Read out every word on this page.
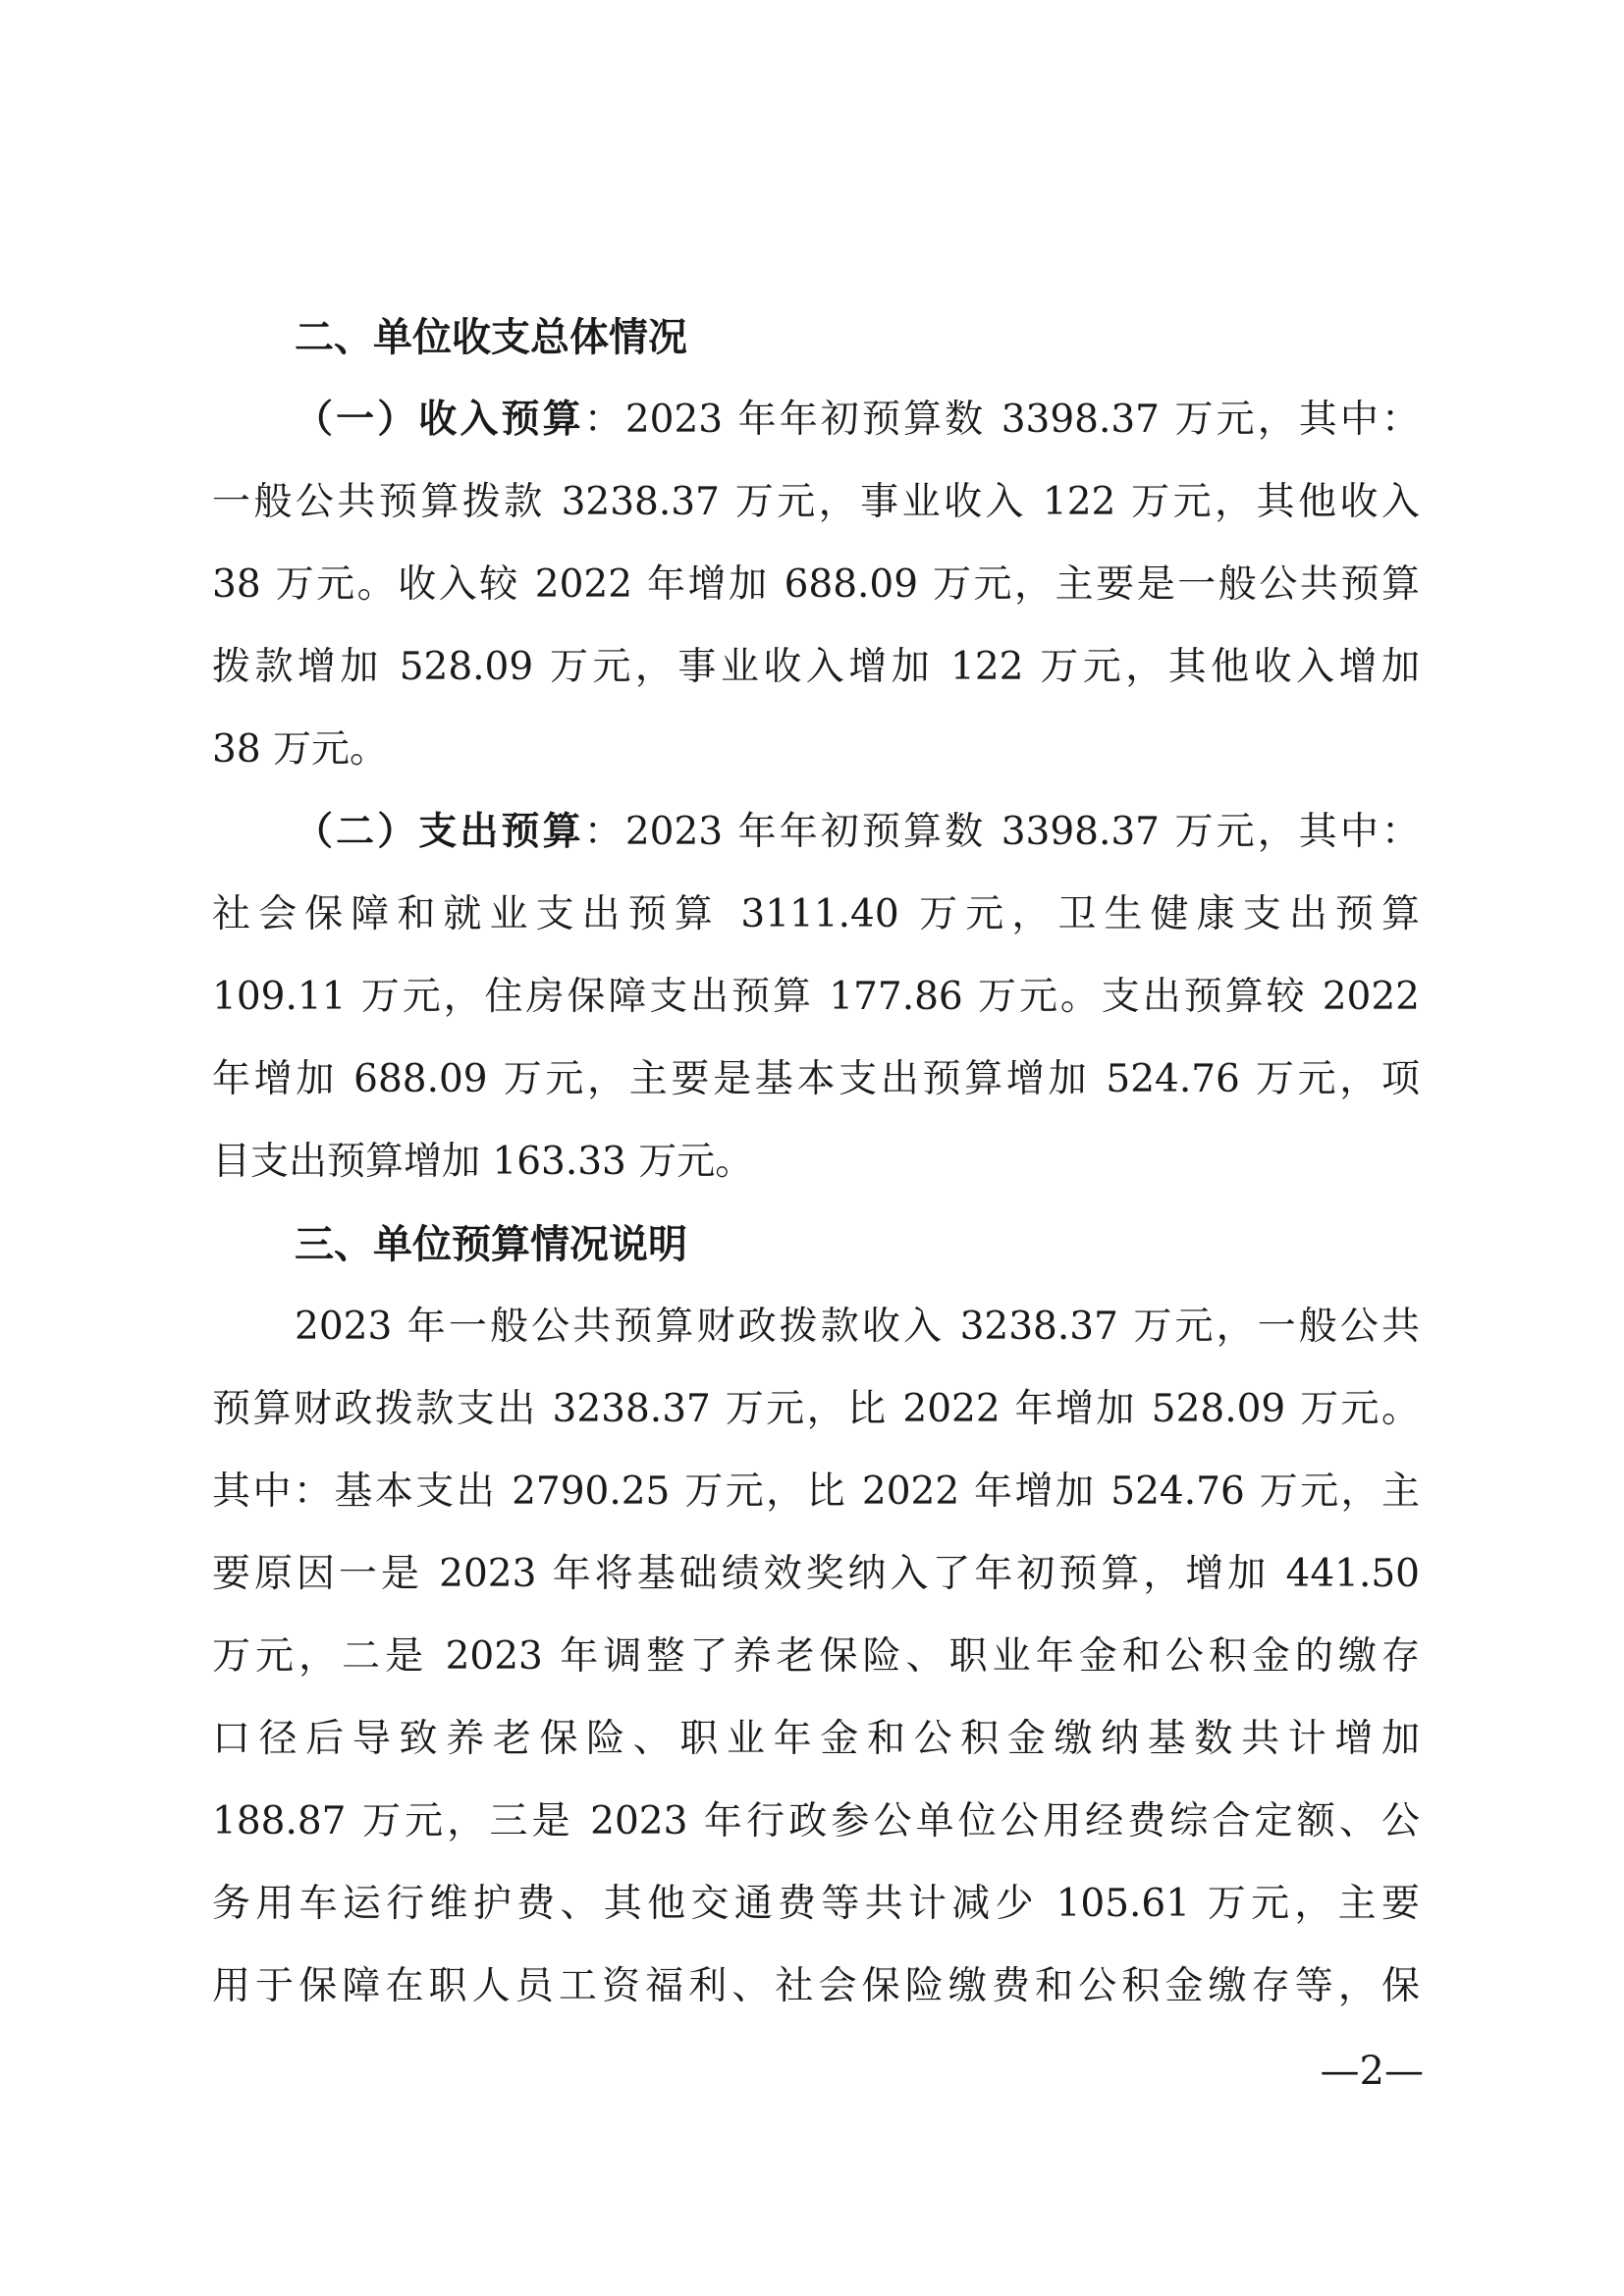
二、单位收支总体情况
（一）收入预算：2023 年年初预算数 3398.37 万元，其中：
一般公共预算拨款 3238.37 万元，事业收入 122 万元，其他收入
38 万元。收入较 2022 年增加 688.09 万元，主要是一般公共预算
拨款增加 528.09 万元，事业收入增加 122 万元，其他收入增加
38 万元。
（二）支出预算：2023 年年初预算数 3398.37 万元，其中：
社会保障和就业支出预算 3111.40 万元，卫生健康支出预算
109.11 万元，住房保障支出预算 177.86 万元。支出预算较 2022
年增加 688.09 万元，主要是基本支出预算增加 524.76 万元，项
目支出预算增加 163.33 万元。
三、单位预算情况说明
2023 年一般公共预算财政拨款收入 3238.37 万元，一般公共
预算财政拨款支出 3238.37 万元，比 2022 年增加 528.09 万元。
其中：基本支出 2790.25 万元，比 2022 年增加 524.76 万元，主
要原因一是 2023 年将基础绩效奖纳入了年初预算，增加 441.50
万元，二是 2023 年调整了养老保险、职业年金和公积金的缴存
口径后导致养老保险、职业年金和公积金缴纳基数共计增加
188.87 万元，三是 2023 年行政参公单位公用经费综合定额、公
务用车运行维护费、其他交通费等共计减少 105.61 万元，主要
用于保障在职人员工资福利、社会保险缴费和公积金缴存等，保
—2—
